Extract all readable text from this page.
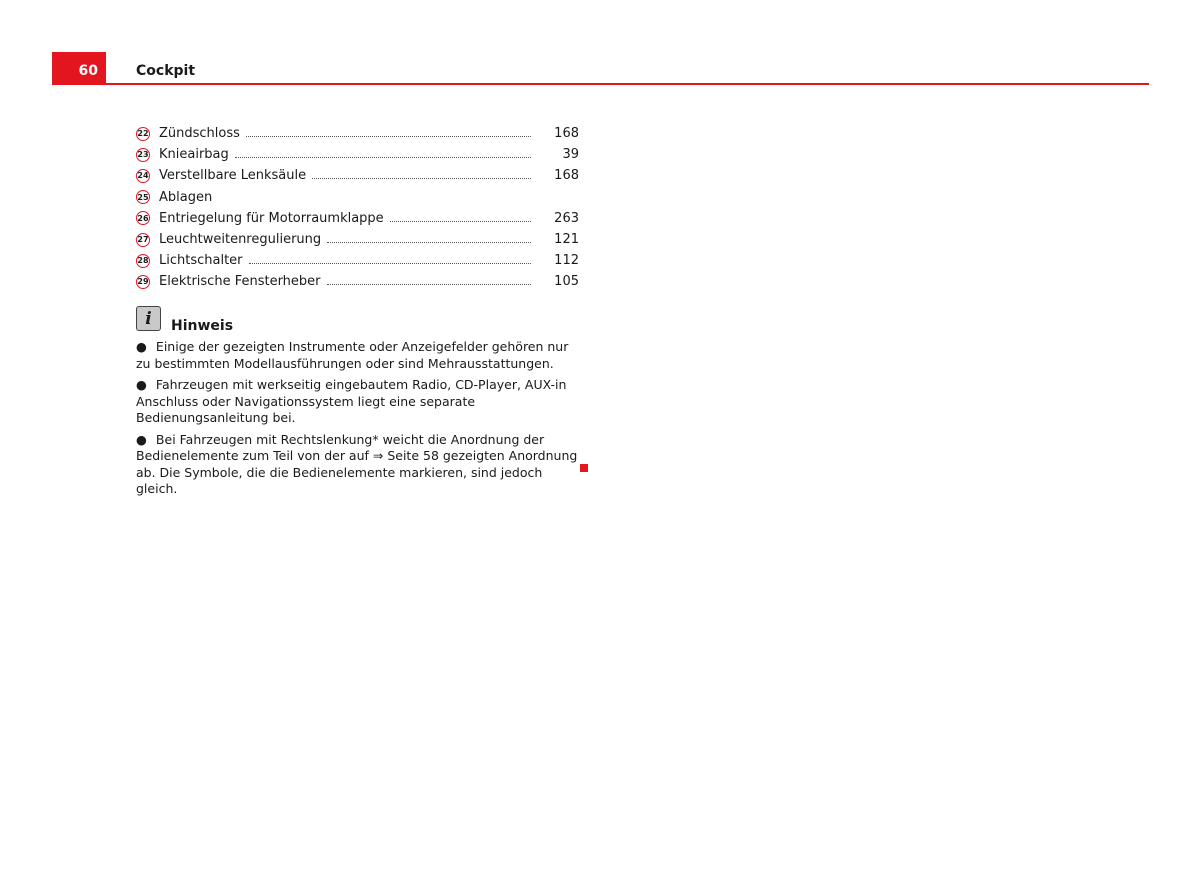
60	Cockpit
22 Zündschloss	168
23 Knieairbag	39
24 Verstellbare Lenksäule	168
25 Ablagen
26 Entriegelung für Motorraumklappe	263
27 Leuchtweitenregulierung	121
28 Lichtschalter	112
29 Elektrische Fensterheber	105
i	Hinweis
● Einige der gezeigten Instrumente oder Anzeigefelder gehören nur zu bestimmten Modellausführungen oder sind Mehrausstattungen.
● Fahrzeugen mit werkseitig eingebautem Radio, CD-Player, AUX-in Anschluss oder Navigationssystem liegt eine separate Bedienungsanleitung bei.
● Bei Fahrzeugen mit Rechtslenkung* weicht die Anordnung der Bedienelemente zum Teil von der auf ⇒ Seite 58 gezeigten Anordnung ab. Die Symbole, die die Bedienelemente markieren, sind jedoch gleich.
